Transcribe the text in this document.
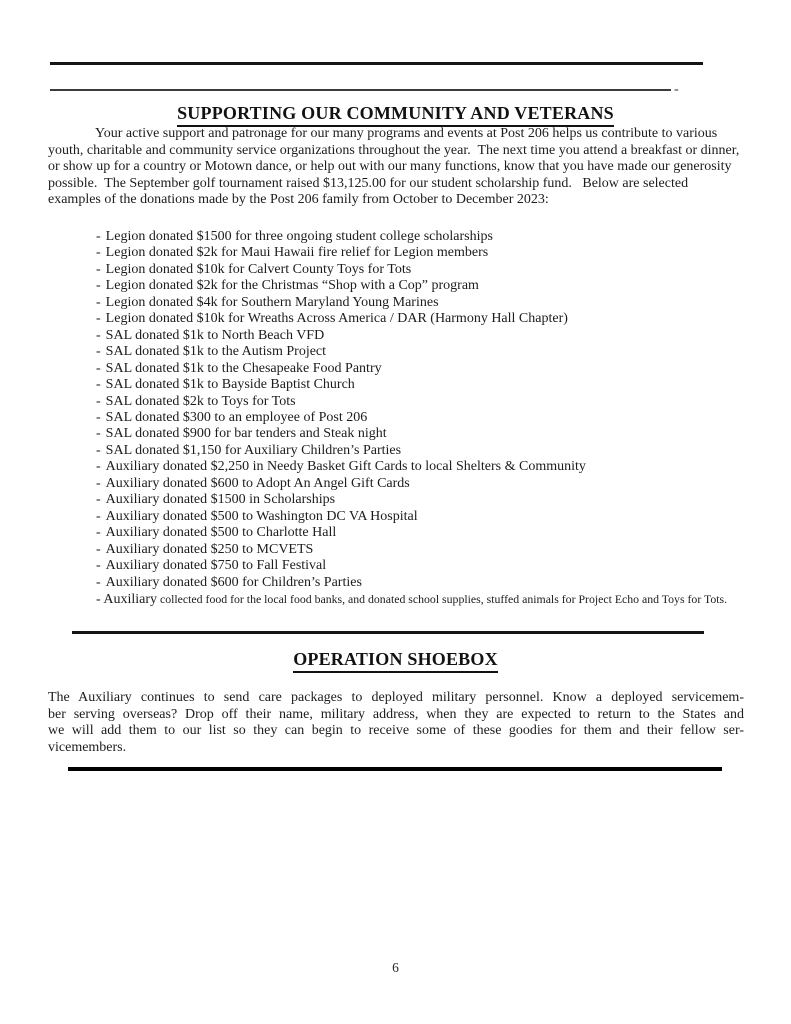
-
SUPPORTING OUR COMMUNITY AND VETERANS
Your active support and patronage for our many programs and events at Post 206 helps us contribute to various youth, charitable and community service organizations throughout the year.  The next time you attend a breakfast or dinner, or show up for a country or Motown dance, or help out with our many functions, know that you have made our generosity possible.  The September golf tournament raised $13,125.00 for our student scholarship fund.   Below are selected examples of the donations made by the Post 206 family from October to December 2023:
- Legion donated $1500 for three ongoing student college scholarships
- Legion donated $2k for Maui Hawaii fire relief for Legion members
- Legion donated $10k for Calvert County Toys for Tots
- Legion donated $2k for the Christmas “Shop with a Cop” program
- Legion donated $4k for Southern Maryland Young Marines
- Legion donated $10k for Wreaths Across America / DAR (Harmony Hall Chapter)
- SAL donated $1k to North Beach VFD
- SAL donated $1k to the Autism Project
- SAL donated $1k to the Chesapeake Food Pantry
- SAL donated $1k to Bayside Baptist Church
- SAL donated $2k to Toys for Tots
- SAL donated $300 to an employee of Post 206
- SAL donated $900 for bar tenders and Steak night
- SAL donated $1,150 for Auxiliary Children’s Parties
- Auxiliary donated $2,250 in Needy Basket Gift Cards to local Shelters & Community
- Auxiliary donated $600 to Adopt An Angel Gift Cards
- Auxiliary donated $1500 in Scholarships
- Auxiliary donated $500 to Washington DC VA Hospital
- Auxiliary donated $500 to Charlotte Hall
- Auxiliary donated $250 to MCVETS
- Auxiliary donated $750 to Fall Festival
- Auxiliary donated $600 for Children’s Parties
- Auxiliary collected food for the local food banks, and donated school supplies, stuffed animals for Project Echo and Toys for Tots.
OPERATION SHOEBOX
The Auxiliary continues to send care packages to deployed military personnel. Know a deployed servicemem-
ber serving overseas? Drop off their name, military address, when they are expected to return to the States and
we will add them to our list so they can begin to receive some of these goodies for them and their fellow ser-
vicemembers.
6
